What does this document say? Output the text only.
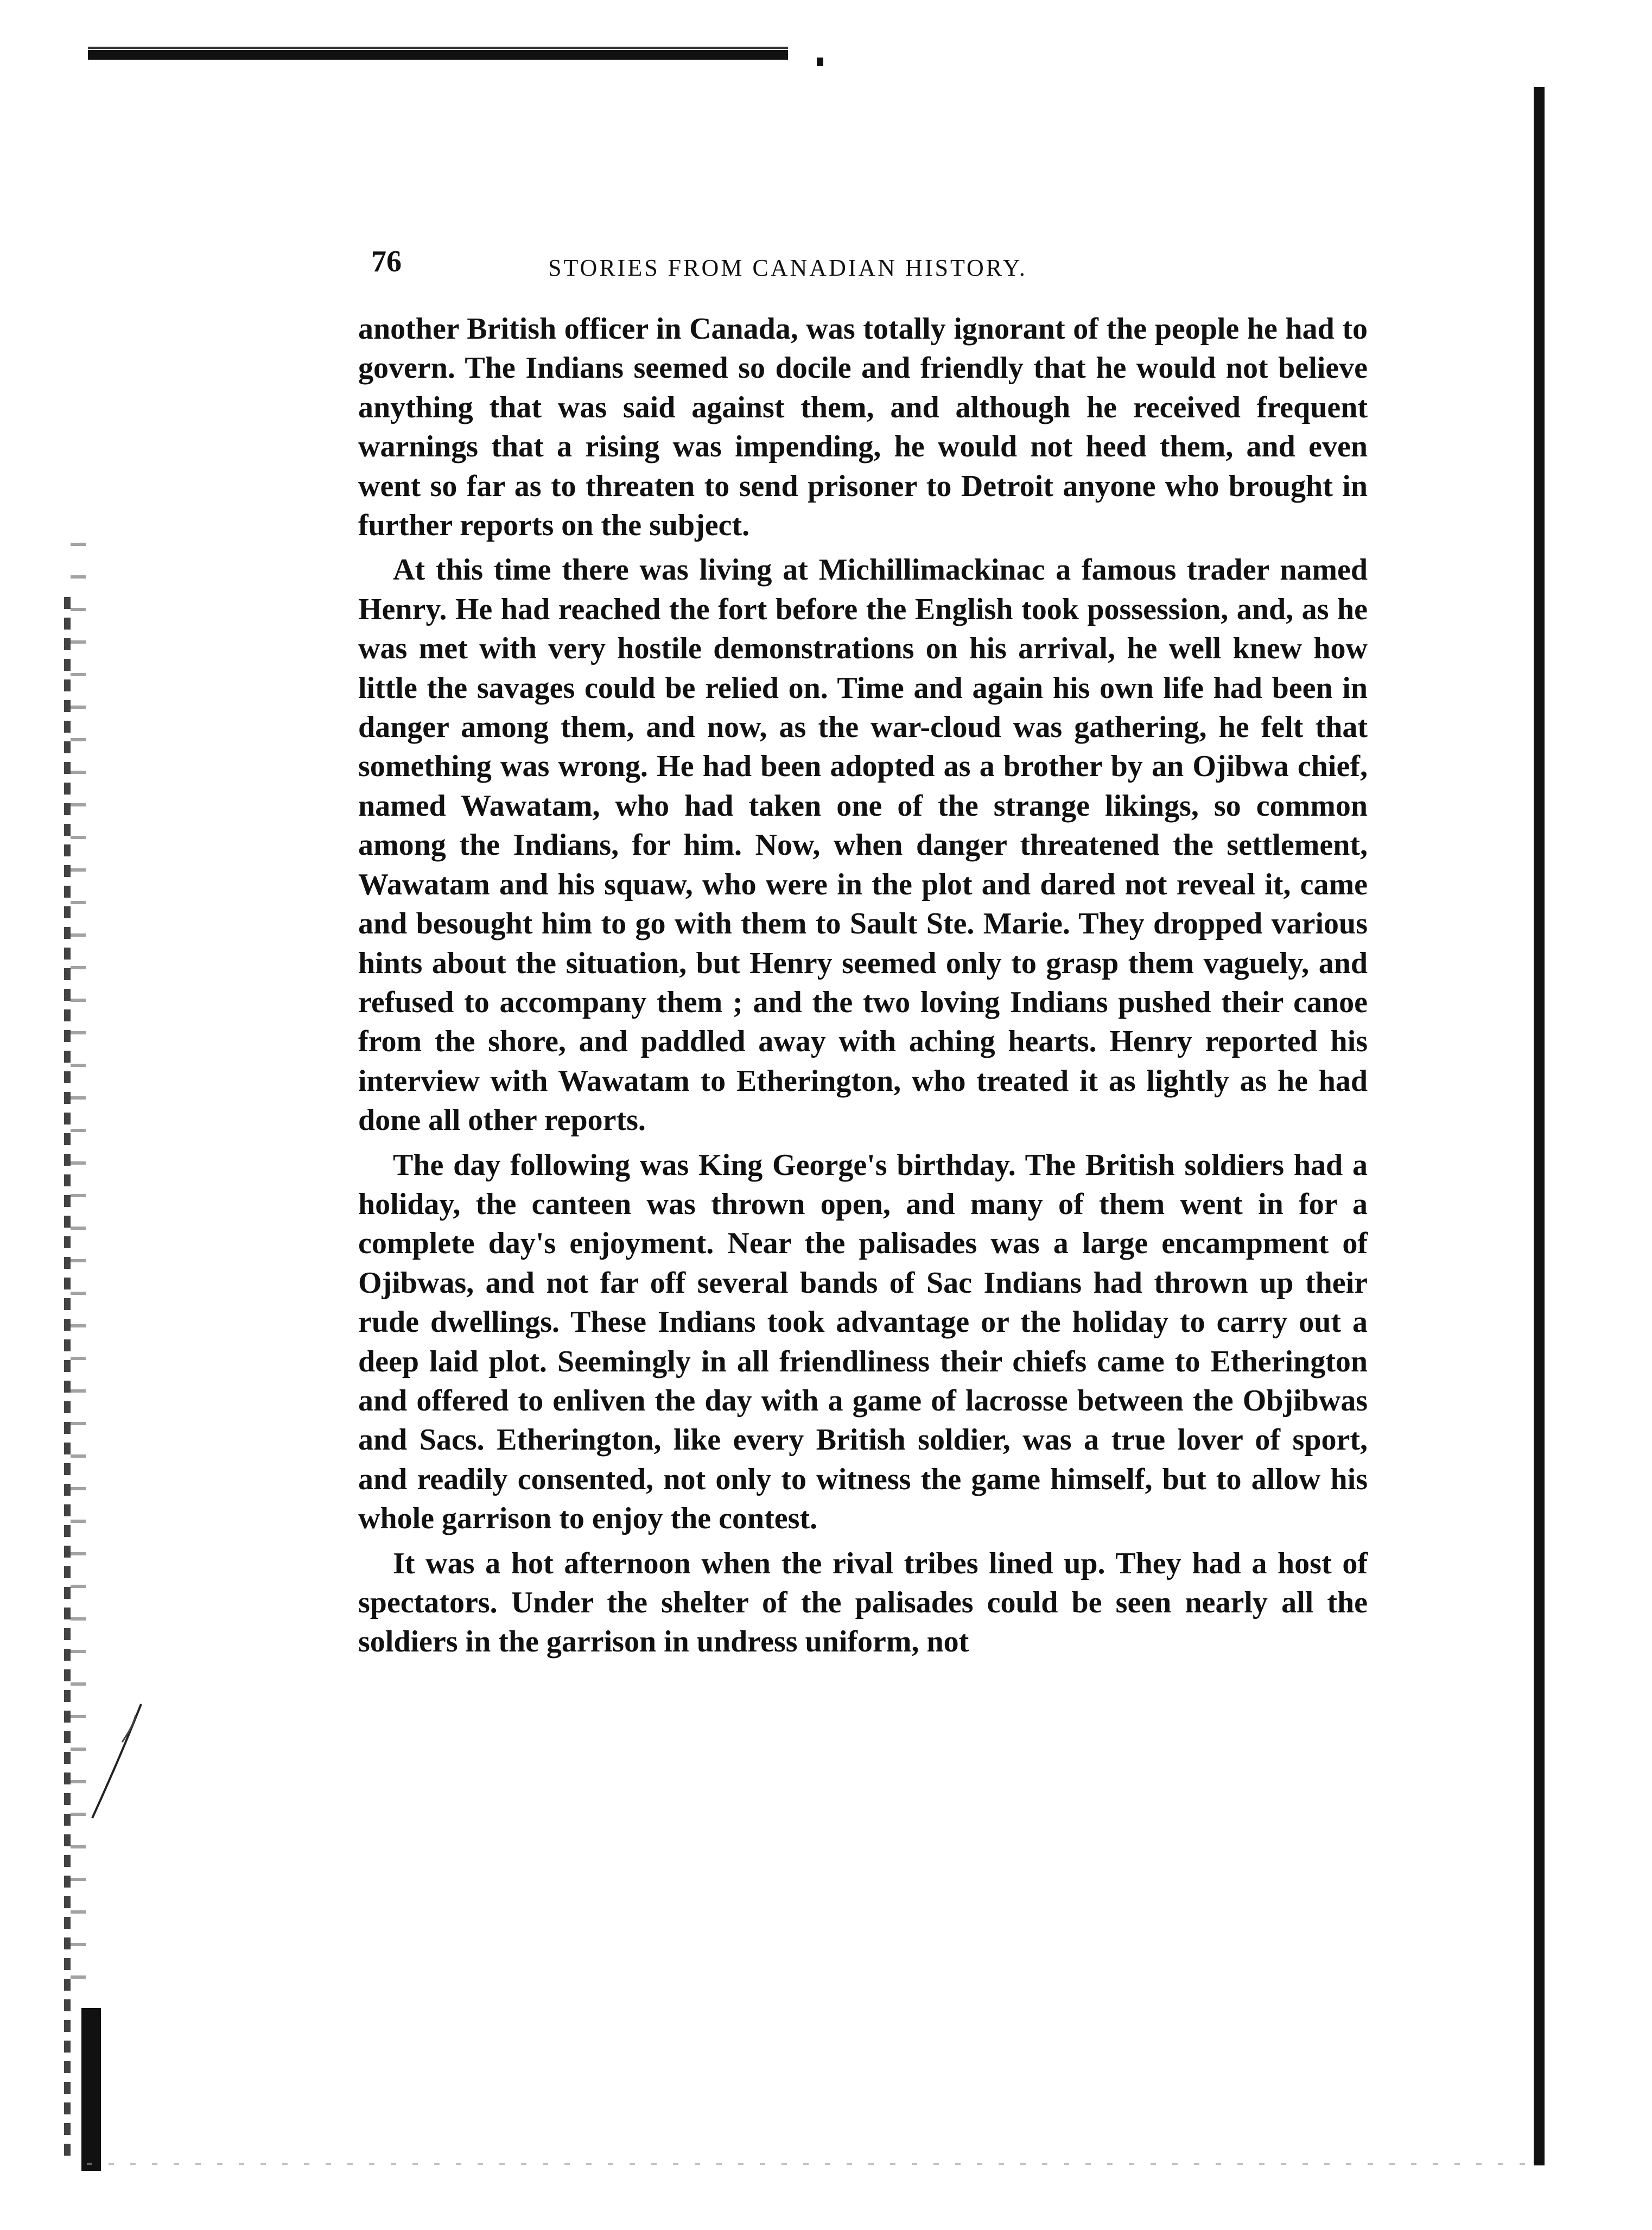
76	STORIES FROM CANADIAN HISTORY.

another British officer in Canada, was totally ignorant of the people he had to govern. The Indians seemed so docile and friendly that he would not believe anything that was said against them, and although he received frequent warnings that a rising was impending, he would not heed them, and even went so far as to threaten to send prisoner to Detroit anyone who brought in further reports on the subject.

At this time there was living at Michillimackinac a famous trader named Henry. He had reached the fort before the English took possession, and, as he was met with very hostile demonstrations on his arrival, he well knew how little the savages could be relied on. Time and again his own life had been in danger among them, and now, as the war-cloud was gathering, he felt that something was wrong. He had been adopted as a brother by an Ojibwa chief, named Wawatam, who had taken one of the strange likings, so common among the Indians, for him. Now, when danger threatened the settlement, Wawatam and his squaw, who were in the plot and dared not reveal it, came and besought him to go with them to Sault Ste. Marie. They dropped various hints about the situation, but Henry seemed only to grasp them vaguely, and refused to accompany them ; and the two loving Indians pushed their canoe from the shore, and paddled away with aching hearts. Henry reported his interview with Wawatam to Etherington, who treated it as lightly as he had done all other reports.

The day following was King George's birthday. The British soldiers had a holiday, the canteen was thrown open, and many of them went in for a complete day's enjoyment. Near the palisades was a large encampment of Ojibwas, and not far off several bands of Sac Indians had thrown up their rude dwellings. These Indians took advantage or the holiday to carry out a deep laid plot. Seemingly in all friendliness their chiefs came to Etherington and offered to enliven the day with a game of lacrosse between the Objibwas and Sacs. Etherington, like every British soldier, was a true lover of sport, and readily consented, not only to witness the game himself, but to allow his whole garrison to enjoy the contest.

It was a hot afternoon when the rival tribes lined up. They had a host of spectators. Under the shelter of the palisades could be seen nearly all the soldiers in the garrison in undress uniform, not
